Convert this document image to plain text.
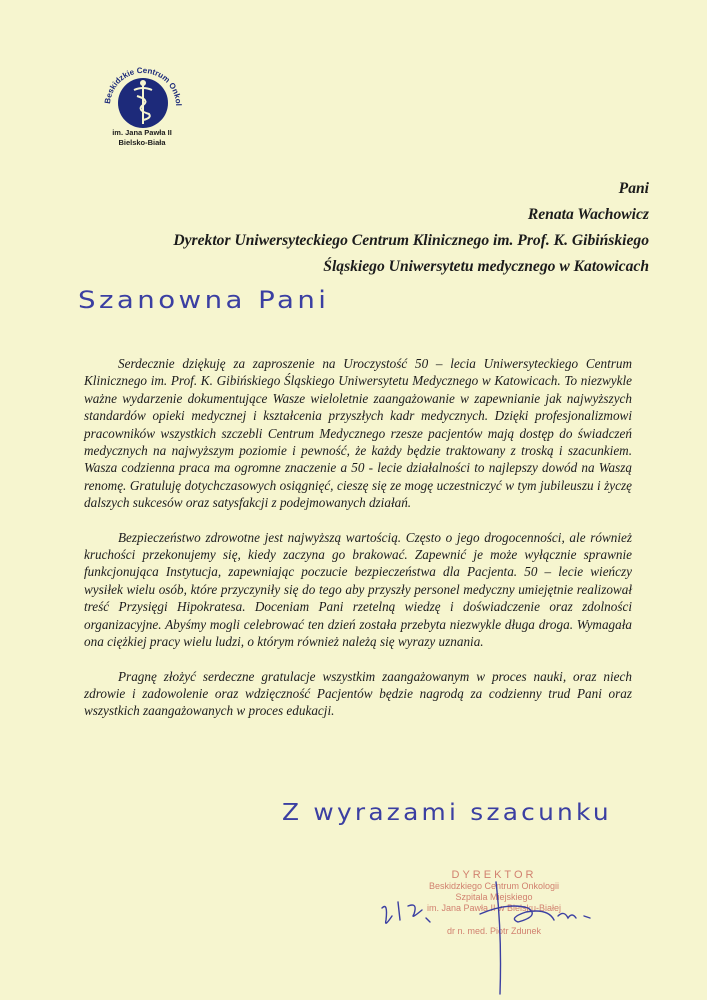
Beskidzkie Centrum Onkol
im. Jana Pawła II
Bielsko-Biała
Pani
Renata Wachowicz
Dyrektor Uniwersyteckiego Centrum Klinicznego im. Prof. K. Gibińskiego
Śląskiego Uniwersytetu medycznego w Katowicach
Szanowna Pani

Serdecznie dziękuję za zaproszenie na Uroczystość 50 – lecia Uniwersyteckiego Centrum Klinicznego im. Prof. K. Gibińskiego Śląskiego Uniwersytetu Medycznego w Katowicach. To niezwykle ważne wydarzenie dokumentujące Wasze wieloletnie zaangażowanie w zapewnianie jak najwyższych standardów opieki medycznej i kształcenia przyszłych kadr medycznych. Dzięki profesjonalizmowi pracowników wszystkich szczebli Centrum Medycznego rzesze pacjentów mają dostęp do świadczeń medycznych na najwyższym poziomie i pewność, że każdy będzie traktowany z troską i szacunkiem. Wasza codzienna praca ma ogromne znaczenie a 50 - lecie działalności to najlepszy dowód na Waszą renomę. Gratuluję dotychczasowych osiągnięć, cieszę się ze mogę uczestniczyć w tym jubileuszu i życzę dalszych sukcesów oraz satysfakcji z podejmowanych działań.

Bezpieczeństwo zdrowotne jest najwyższą wartością. Często o jego drogocenności, ale również kruchości przekonujemy się, kiedy zaczyna go brakować. Zapewnić je może wyłącznie sprawnie funkcjonująca Instytucja, zapewniając poczucie bezpieczeństwa dla Pacjenta. 50 – lecie wieńczy wysiłek wielu osób, które przyczyniły się do tego aby przyszły personel medyczny umiejętnie realizował treść Przysięgi Hipokratesa. Doceniam Pani rzetelną wiedzę i doświadczenie oraz zdolności organizacyjne. Abyśmy mogli celebrować ten dzień została przebyta niezwykle długa droga. Wymagała ona ciężkiej pracy wielu ludzi, o którym również należą się wyrazy uznania.

Pragnę złożyć serdeczne gratulacje wszystkim zaangażowanym w proces nauki, oraz niech zdrowie i zadowolenie oraz wdzięczność Pacjentów będzie nagrodą za codzienny trud Pani oraz wszystkich zaangażowanych w proces edukacji.

Z wyrazami szacunku
DYREKTOR
Beskidzkiego Centrum Onkologii
Szpitala Miejskiego
im. Jana Pawła II w Bielsku-Białej
dr n. med. Piotr Zdunek
